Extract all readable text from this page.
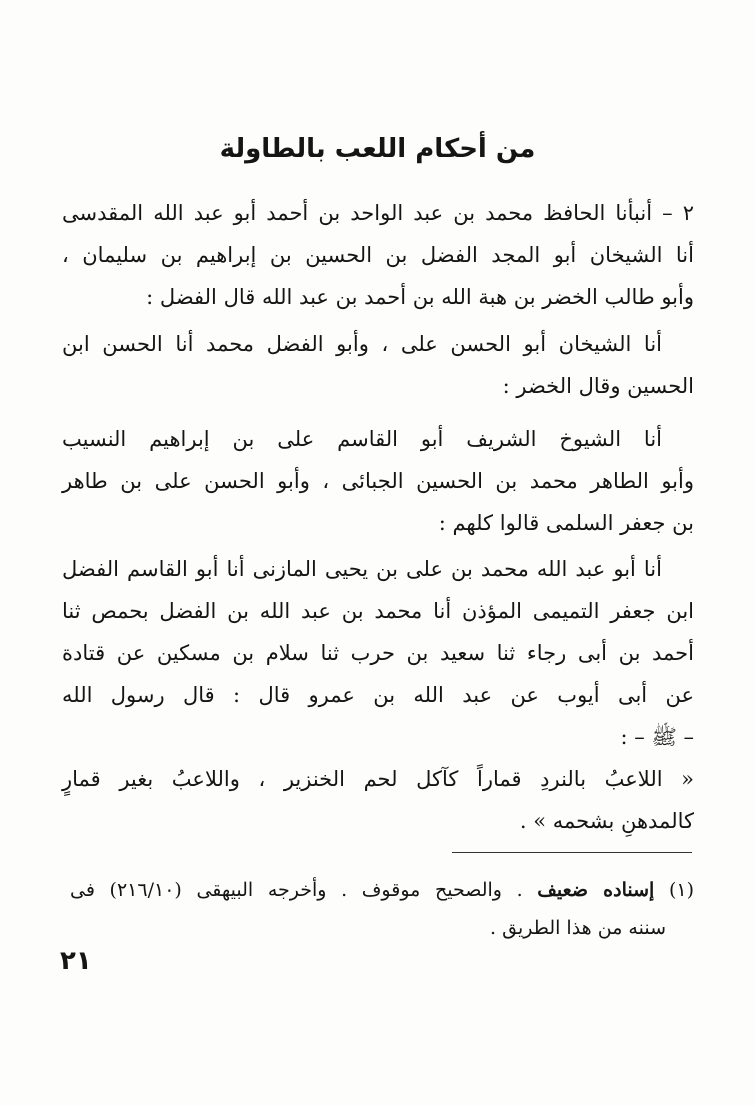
من أحكام اللعب بالطاولة
٢ – أنبأنا الحافظ محمد بن عبد الواحد بن أحمد أبو عبد الله المقدسى
أنا الشيخان أبو المجد الفضل بن الحسين بن إبراهيم بن سليمان ،
وأبو طالب الخضر بن هبة الله بن أحمد بن عبد الله قال الفضل :
أنا الشيخان أبو الحسن على ، وأبو الفضل محمد أنا الحسن ابن
الحسين وقال الخضر :
أنا الشيوخ الشريف أبو القاسم على بن إبراهيم النسيب
وأبو الطاهر محمد بن الحسين الجبائى ، وأبو الحسن على بن طاهر
بن جعفر السلمى قالوا كلهم :
أنا أبو عبد الله محمد بن على بن يحيى المازنى أنا أبو القاسم الفضل
ابن جعفر التميمى المؤذن أنا محمد بن عبد الله بن الفضل بحمص ثنا
أحمد بن أبى رجاء ثنا سعيد بن حرب ثنا سلام بن مسكين عن قتادة
عن أبى أيوب عن عبد الله بن عمرو قال : قال رسول الله
– ﷺ – :
« اللاعبُ بالنردِ قماراً كآكل لحم الخنزير ، واللاعبُ بغير قمارٍ
كالمدهنِ بشحمه » .
(١) إسناده ضعيف . والصحيح موقوف . وأخرجه البيهقى (٢١٦/١٠) فى
سننه من هذا الطريق .
٢١
